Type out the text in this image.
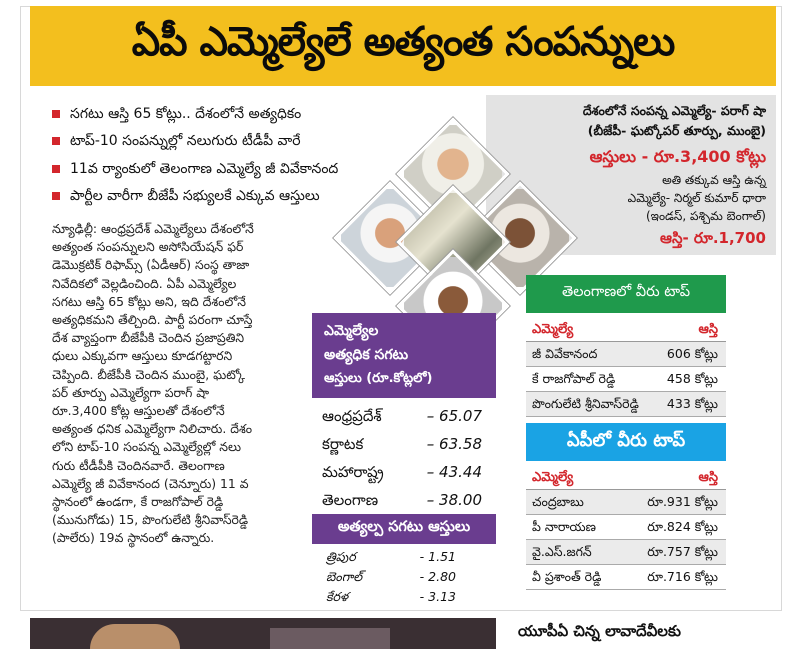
ఏపీ ఎమ్మెల్యేలే అత్యంత సంపన్నులు
సగటు ఆస్తి 65 కోట్లు.. దేశంలోనే అత్యధికం
టాప్‌-10 సంపన్నుల్లో నలుగురు టీడీపీ వారే
11వ ర్యాంకులో తెలంగాణ ఎమ్మెల్యే జీ వివేకానంద
పార్టీల వారీగా బీజేపీ సభ్యులకే ఎక్కువ ఆస్తులు
దేశంలోనే సంపన్న ఎమ్మెల్యే- పరాగ్‌ షా
(బీజేపీ- ఘట్కోపర్‌ తూర్పు, ముంబై)
ఆస్తులు - రూ.3,400 కోట్లు
అతి తక్కువ ఆస్తి ఉన్న
ఎమ్మెల్యే- నిర్మల్‌ కుమార్‌ ధారా
(ఇండస్‌, పశ్చిమ బెంగాల్‌)
ఆస్తి- రూ.1,700
న్యూఢిల్లీ: ఆంధ్రప్రదేశ్‌ ఎమ్మెల్యేలు దేశంలోనే
అత్యంత సంపన్నులని అసోసియేషన్‌ ఫర్‌
డెమొక్రటిక్‌ రిఫామ్స్‌ (ఏడీఆర్‌) సంస్థ తాజా
నివేదికలో వెల్లడించింది. ఏపీ ఎమ్మెల్యేల
సగటు ఆస్తి 65 కోట్లు అని, ఇది దేశంలోనే
అత్యధికమని తేల్చింది. పార్టీ పరంగా చూస్తే
దేశ వ్యాప్తంగా బీజేపీకి చెందిన ప్రజాప్రతిని
ధులు ఎక్కువగా ఆస్తులు కూడగట్టారని
చెప్పింది. బీజేపీకి చెందిన ముంబై, ఘట్కో
పర్‌ తూర్పు ఎమ్మెల్యేగా పరాగ్‌ షా
రూ.3,400 కోట్ల ఆస్తులతో దేశంలోనే
అత్యంత ధనిక ఎమ్మెల్యేగా నిలిచారు. దేశం
లోని టాప్‌-10 సంపన్న ఎమ్మెల్యేల్లో నలు
గురు టీడీపీకి చెందినవారే. తెలంగాణ
ఎమ్మెల్యే జీ వివేకానంద (చెన్నూరు) 11 వ
స్థానంలో ఉండగా, కే రాజగోపాల్‌ రెడ్డి
(మునుగోడు) 15, పొంగులేటి శ్రీనివాస్‌రెడ్డి
(పాలేరు) 19వ స్థానంలో ఉన్నారు.
ఎమ్మెల్యేల
అత్యధిక సగటు
ఆస్తులు (రూ.కోట్లలో)
ఆంధ్రప్రదేశ్‌	– 65.07
కర్ణాటక	– 63.58
మహారాష్ట్ర	– 43.44
తెలంగాణ	– 38.00
అత్యల్ప సగటు ఆస్తులు
త్రిపుర	- 1.51
బెంగాల్‌	- 2.80
కేరళ	- 3.13
తెలంగాణలో వీరు టాప్‌
ఎమ్మెల్యే	ఆస్తి
జీ వివేకానంద	606 కోట్లు
కే రాజగోపాల్‌ రెడ్డి	458 కోట్లు
పొంగులేటి శ్రీనివాస్‌రెడ్డి 433 కోట్లు
ఏపీలో వీరు టాప్‌
ఎమ్మెల్యే	ఆస్తి
చంద్రబాబు	రూ.931 కోట్లు
పీ నారాయణ	రూ.824 కోట్లు
వై.ఎస్‌.జగన్‌	రూ.757 కోట్లు
వీ ప్రశాంత్‌ రెడ్డి	రూ.716 కోట్లు
యూపీఏ చిన్న లావాదేవీలకు
